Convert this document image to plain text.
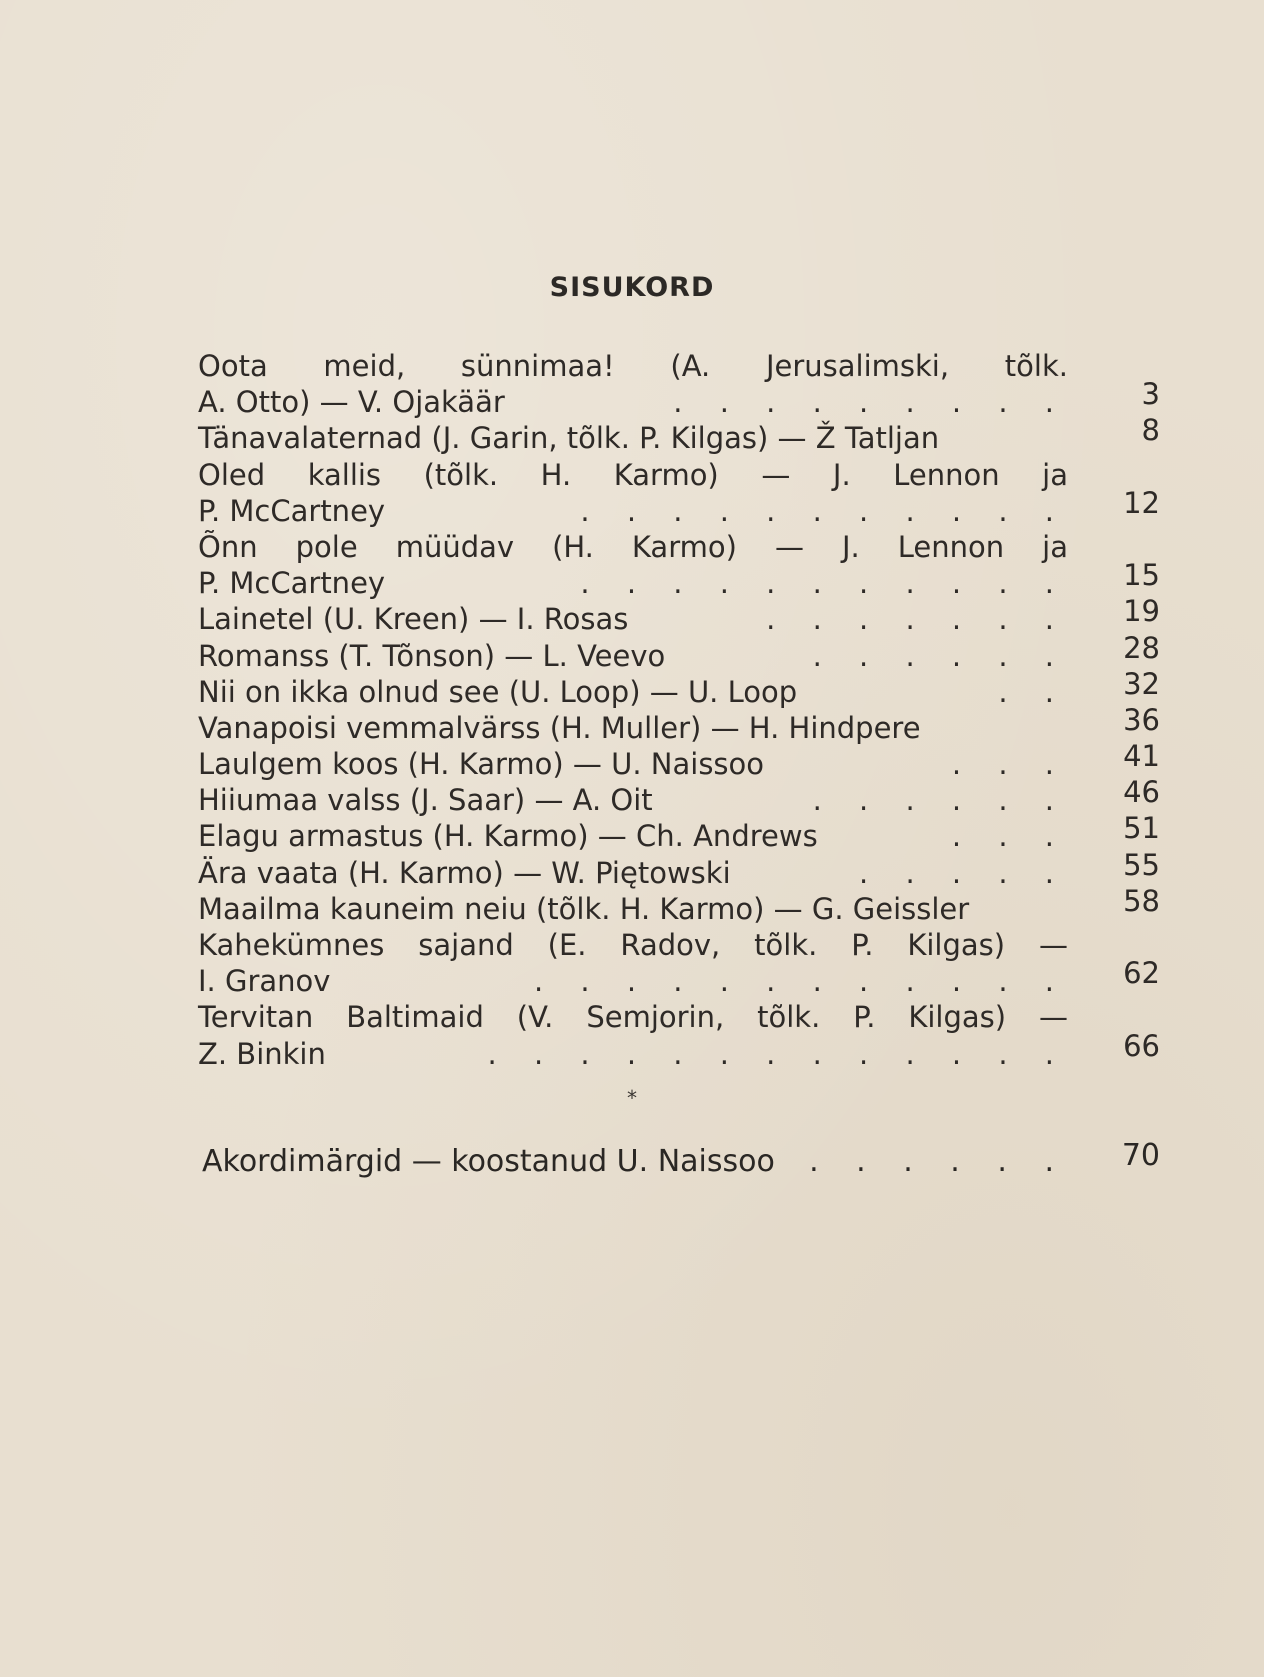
SISUKORD
Oota meid, sünnimaa! (A. Jerusalimski, tõlk.
A. Otto) — V. Ojakäär	. . . . . . . . .	3
Tänavalaternad (J. Garin, tõlk. P. Kilgas) — Ž Tatljan	8
Oled kallis (tõlk. H. Karmo) — J. Lennon ja
P. McCartney	. . . . . . . . . . .	12
Õnn pole müüdav (H. Karmo) — J. Lennon ja
P. McCartney	. . . . . . . . . . .	15
Lainetel (U. Kreen) — I. Rosas	. . . . . . .	19
Romanss (T. Tõnson) — L. Veevo	. . . . . .	28
Nii on ikka olnud see (U. Loop) — U. Loop	. .	32
Vanapoisi vemmalvärss (H. Muller) — H. Hindpere	36
Laulgem koos (H. Karmo) — U. Naissoo	. . .	41
Hiiumaa valss (J. Saar) — A. Oit	. . . . . .	46
Elagu armastus (H. Karmo) — Ch. Andrews	. . .	51
Ära vaata (H. Karmo) — W. Piętowski	. . . . .	55
Maailma kauneim neiu (tõlk. H. Karmo) — G. Geissler	58
Kahekümnes sajand (E. Radov, tõlk. P. Kilgas) —
I. Granov	. . . . . . . . . . . .	62
Tervitan Baltimaid (V. Semjorin, tõlk. P. Kilgas) —
Z. Binkin	. . . . . . . . . . . . .	66
*
Akordimärgid — koostanud U. Naissoo . . . . . .	70
